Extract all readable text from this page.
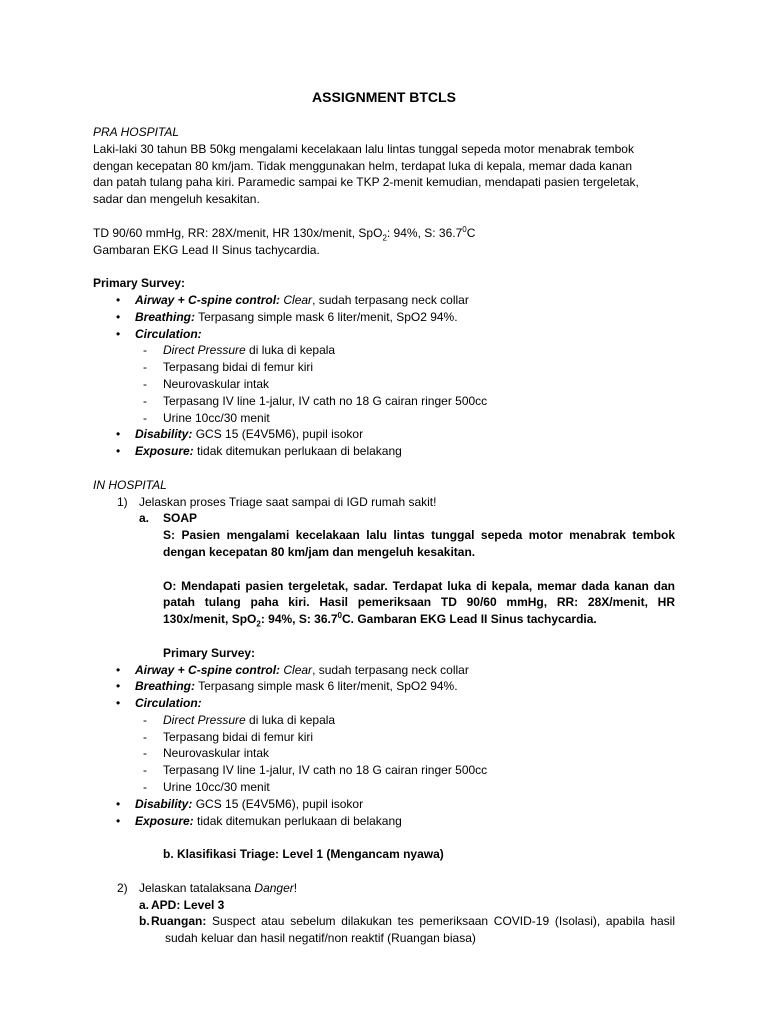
ASSIGNMENT BTCLS
PRA HOSPITAL
Laki-laki 30 tahun BB 50kg mengalami kecelakaan lalu lintas tunggal sepeda motor menabrak tembok
dengan kecepatan 80 km/jam. Tidak menggunakan helm, terdapat luka di kepala, memar dada kanan
dan patah tulang paha kiri. Paramedic sampai ke TKP 2-menit kemudian, mendapati pasien tergeletak,
sadar dan mengeluh kesakitan.
TD 90/60 mmHg, RR: 28X/menit, HR 130x/menit, SpO$_2$: 94%, S: 36.7$^0$C
Gambaran EKG Lead II Sinus tachycardia.
Primary Survey:
• Airway + C-spine control: Clear, sudah terpasang neck collar
• Breathing: Terpasang simple mask 6 liter/menit, SpO2 94%.
• Circulation:
- Direct Pressure di luka di kepala
- Terpasang bidai di femur kiri
- Neurovaskular intak
- Terpasang IV line 1-jalur, IV cath no 18 G cairan ringer 500cc
- Urine 10cc/30 menit
• Disability: GCS 15 (E4V5M6), pupil isokor
• Exposure: tidak ditemukan perlukaan di belakang
IN HOSPITAL
1) Jelaskan proses Triage saat sampai di IGD rumah sakit!
a. SOAP
S: Pasien mengalami kecelakaan lalu lintas tunggal sepeda motor menabrak tembok
dengan kecepatan 80 km/jam dan mengeluh kesakitan.
O: Mendapati pasien tergeletak, sadar. Terdapat luka di kepala, memar dada kanan dan
patah tulang paha kiri. Hasil pemeriksaan TD 90/60 mmHg, RR: 28X/menit, HR
130x/menit, SpO$_2$: 94%, S: 36.7$^0$C. Gambaran EKG Lead II Sinus tachycardia.
Primary Survey:
• Airway + C-spine control: Clear, sudah terpasang neck collar
• Breathing: Terpasang simple mask 6 liter/menit, SpO2 94%.
• Circulation:
- Direct Pressure di luka di kepala
- Terpasang bidai di femur kiri
- Neurovaskular intak
- Terpasang IV line 1-jalur, IV cath no 18 G cairan ringer 500cc
- Urine 10cc/30 menit
• Disability: GCS 15 (E4V5M6), pupil isokor
• Exposure: tidak ditemukan perlukaan di belakang
b. Klasifikasi Triage: Level 1 (Mengancam nyawa)
2) Jelaskan tatalaksana Danger!
a. APD: Level 3
b. Ruangan: Suspect atau sebelum dilakukan tes pemeriksaan COVID-19 (Isolasi), apabila hasil
sudah keluar dan hasil negatif/non reaktif (Ruangan biasa)
